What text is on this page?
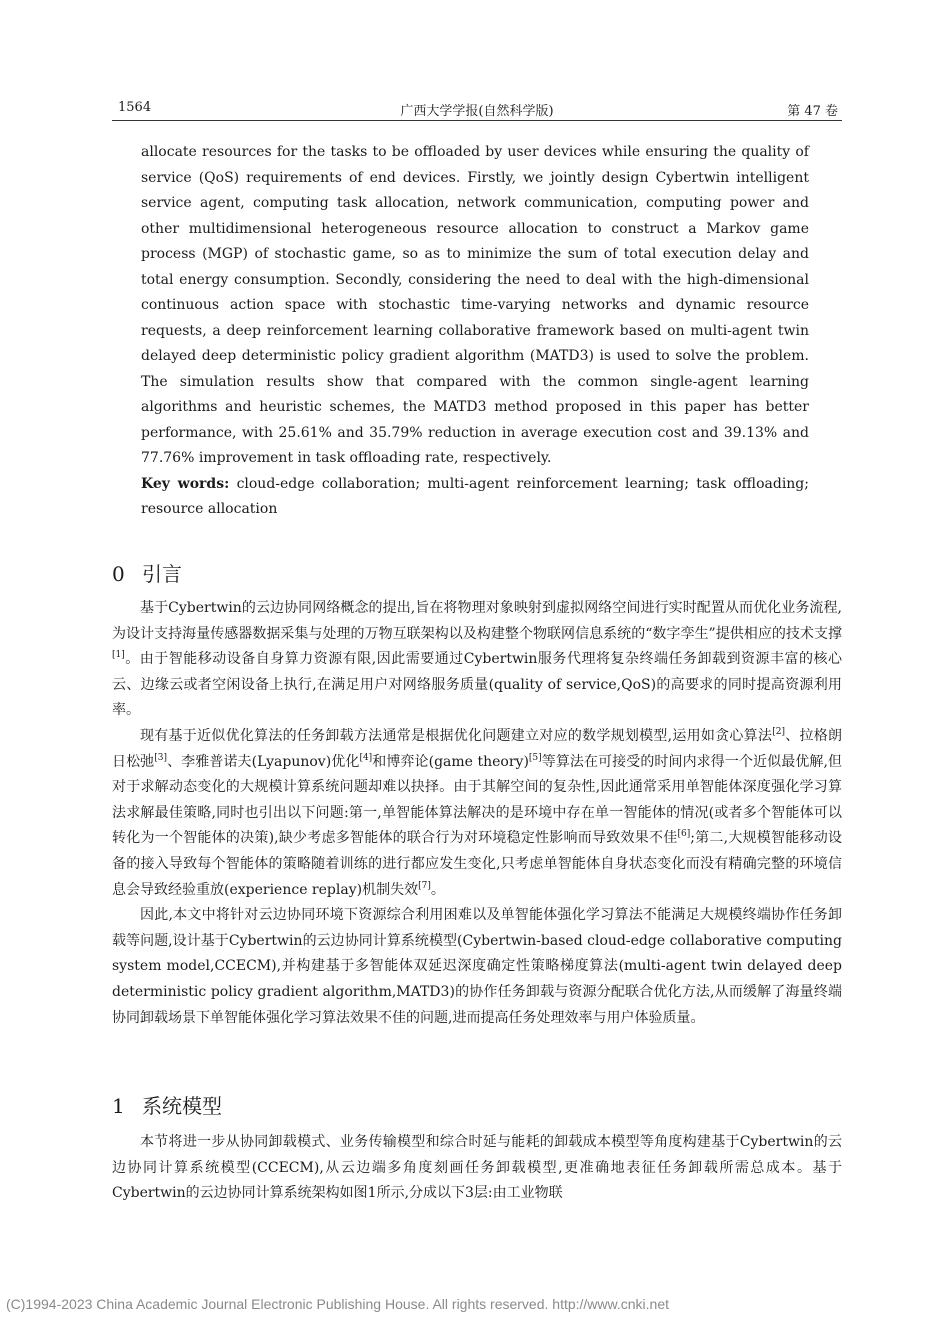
1564	广西大学学报(自然科学版)	第 47 卷

allocate resources for the tasks to be offloaded by user devices while ensuring the quality of service (QoS) requirements of end devices. Firstly, we jointly design Cybertwin intelligent service agent, computing task allocation, network communication, computing power and other multidimensional heterogeneous resource allocation to construct a Markov game process (MGP) of stochastic game, so as to minimize the sum of total execution delay and total energy consumption. Secondly, considering the need to deal with the high-dimensional continuous action space with stochastic time-varying networks and dynamic resource requests, a deep reinforcement learning collaborative framework based on multi-agent twin delayed deep deterministic policy gradient algorithm (MATD3) is used to solve the problem. The simulation results show that compared with the common single-agent learning algorithms and heuristic schemes, the MATD3 method proposed in this paper has better performance, with 25.61% and 35.79% reduction in average execution cost and 39.13% and 77.76% improvement in task offloading rate, respectively.

Key words: cloud-edge collaboration; multi-agent reinforcement learning; task offloading; resource allocation

0 引言

基于Cybertwin的云边协同网络概念的提出,旨在将物理对象映射到虚拟网络空间进行实时配置从而优化业务流程,为设计支持海量传感器数据采集与处理的万物互联架构以及构建整个物联网信息系统的“数字孪生”提供相应的技术支撑[1]。由于智能移动设备自身算力资源有限,因此需要通过Cybertwin服务代理将复杂终端任务卸载到资源丰富的核心云、边缘云或者空闲设备上执行,在满足用户对网络服务质量(quality of service,QoS)的高要求的同时提高资源利用率。

现有基于近似优化算法的任务卸载方法通常是根据优化问题建立对应的数学规划模型,运用如贪心算法[2]、拉格朗日松弛[3]、李雅普诺夫(Lyapunov)优化[4]和博弈论(game theory)[5]等算法在可接受的时间内求得一个近似最优解,但对于求解动态变化的大规模计算系统问题却难以抉择。由于其解空间的复杂性,因此通常采用单智能体深度强化学习算法求解最佳策略,同时也引出以下问题:第一,单智能体算法解决的是环境中存在单一智能体的情况(或者多个智能体可以转化为一个智能体的决策),缺少考虑多智能体的联合行为对环境稳定性影响而导致效果不佳[6];第二,大规模智能移动设备的接入导致每个智能体的策略随着训练的进行都应发生变化,只考虑单智能体自身状态变化而没有精确完整的环境信息会导致经验重放(experience replay)机制失效[7]。

因此,本文中将针对云边协同环境下资源综合利用困难以及单智能体强化学习算法不能满足大规模终端协作任务卸载等问题,设计基于Cybertwin的云边协同计算系统模型(Cybertwin-based cloud-edge collaborative computing system model,CCECM),并构建基于多智能体双延迟深度确定性策略梯度算法(multi-agent twin delayed deep deterministic policy gradient algorithm,MATD3)的协作任务卸载与资源分配联合优化方法,从而缓解了海量终端协同卸载场景下单智能体强化学习算法效果不佳的问题,进而提高任务处理效率与用户体验质量。

1 系统模型

本节将进一步从协同卸载模式、业务传输模型和综合时延与能耗的卸载成本模型等角度构建基于Cybertwin的云边协同计算系统模型(CCECM),从云边端多角度刻画任务卸载模型,更准确地表征任务卸载所需总成本。基于Cybertwin的云边协同计算系统架构如图1所示,分成以下3层:由工业物联

(C)1994-2023 China Academic Journal Electronic Publishing House. All rights reserved. http://www.cnki.net
